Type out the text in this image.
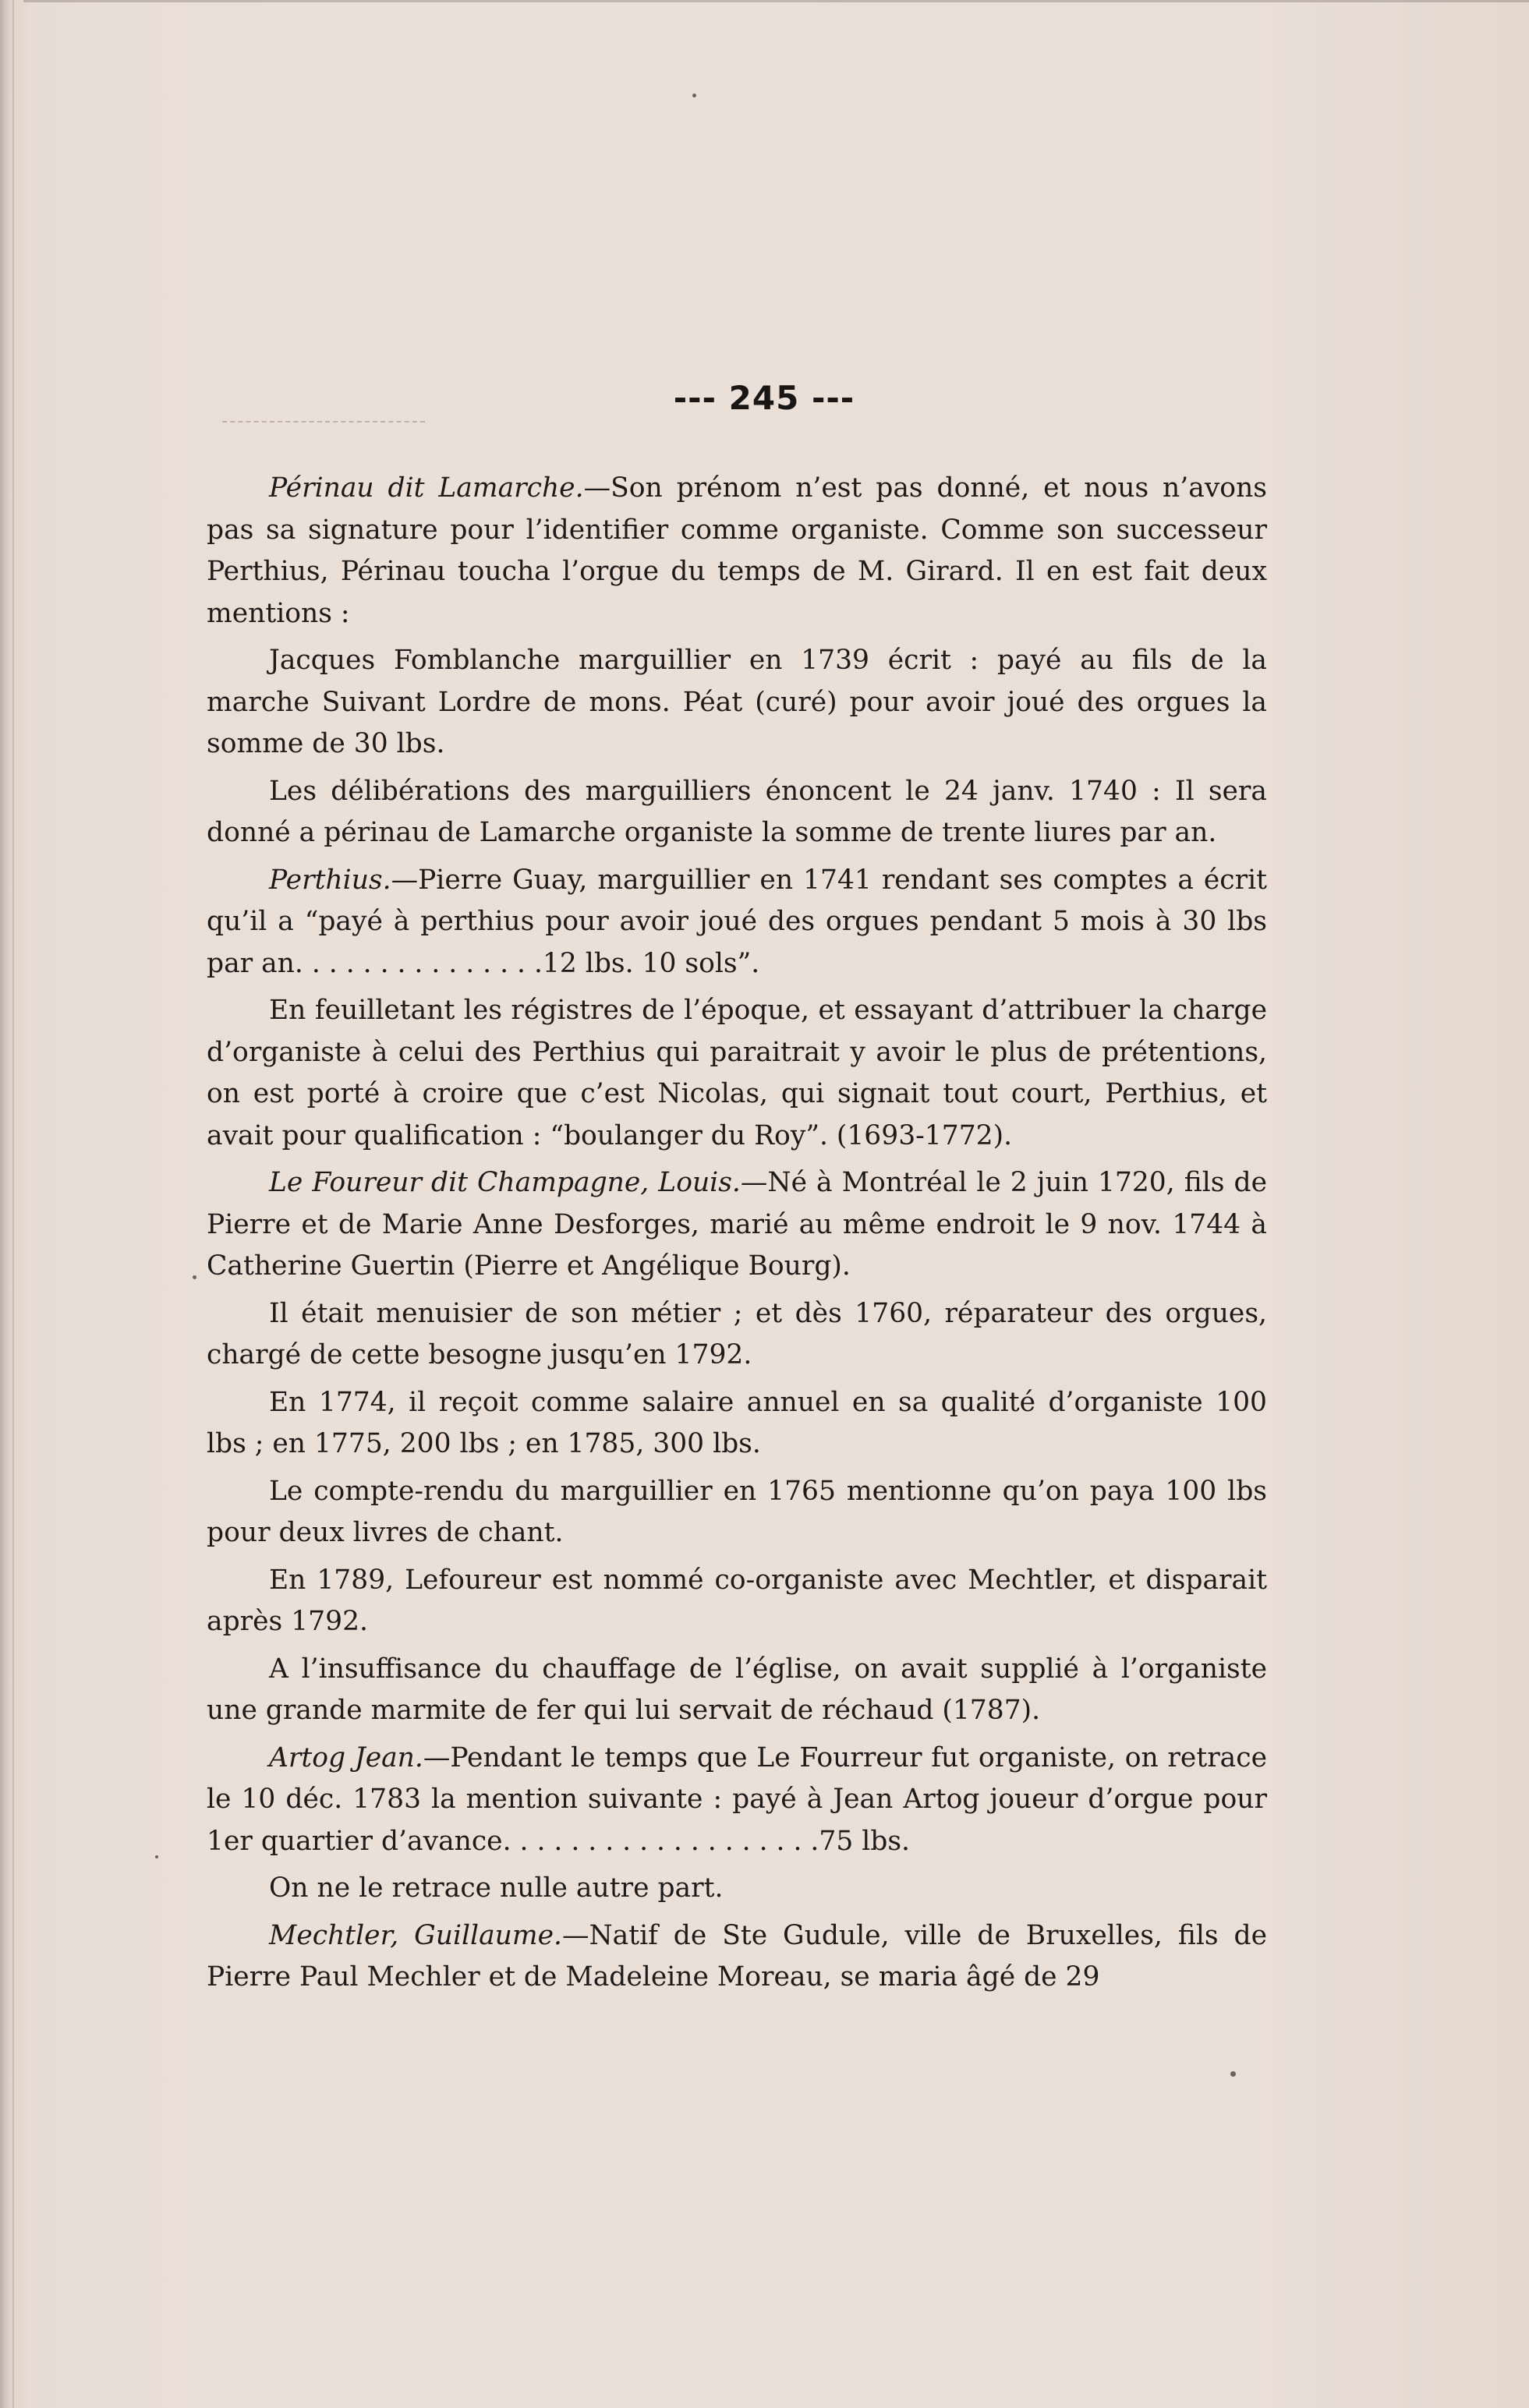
--- 245 ---

Périnau dit Lamarche.—Son prénom n’est pas donné, et nous n’avons pas sa signature pour l’identifier comme organiste. Comme son successeur Perthius, Périnau toucha l’orgue du temps de M. Girard. Il en est fait deux mentions :

Jacques Fomblanche marguillier en 1739 écrit : payé au fils de la marche Suivant Lordre de mons. Péat (curé) pour avoir joué des orgues la somme de 30 lbs.

Les délibérations des marguilliers énoncent le 24 janv. 1740 : Il sera donné a périnau de Lamarche organiste la somme de trente liures par an.

Perthius.—Pierre Guay, marguillier en 1741 rendant ses comptes a écrit qu’il a “payé à perthius pour avoir joué des orgues pendant 5 mois à 30 lbs par an. . . . . . . . . . . . . . .12 lbs. 10 sols”.

En feuilletant les régistres de l’époque, et essayant d’attribuer la charge d’organiste à celui des Perthius qui paraitrait y avoir le plus de prétentions, on est porté à croire que c’est Nicolas, qui signait tout court, Perthius, et avait pour qualification : “boulanger du Roy”. (1693-1772).

Le Foureur dit Champagne, Louis.—Né à Montréal le 2 juin 1720, fils de Pierre et de Marie Anne Desforges, marié au même endroit le 9 nov. 1744 à Catherine Guertin (Pierre et Angélique Bourg).

Il était menuisier de son métier ; et dès 1760, réparateur des orgues, chargé de cette besogne jusqu’en 1792.

En 1774, il reçoit comme salaire annuel en sa qualité d’organiste 100 lbs ; en 1775, 200 lbs ; en 1785, 300 lbs.

Le compte-rendu du marguillier en 1765 mentionne qu’on paya 100 lbs pour deux livres de chant.

En 1789, Lefoureur est nommé co-organiste avec Mechtler, et disparait après 1792.

A l’insuffisance du chauffage de l’église, on avait supplié à l’organiste une grande marmite de fer qui lui servait de réchaud (1787).

Artog Jean.—Pendant le temps que Le Fourreur fut organiste, on retrace le 10 déc. 1783 la mention suivante : payé à Jean Artog joueur d’orgue pour 1er quartier d’avance. . . . . . . . . . . . . . . . . . .75 lbs.

On ne le retrace nulle autre part.

Mechtler, Guillaume.—Natif de Ste Gudule, ville de Bruxelles, fils de Pierre Paul Mechler et de Madeleine Moreau, se maria âgé de 29
